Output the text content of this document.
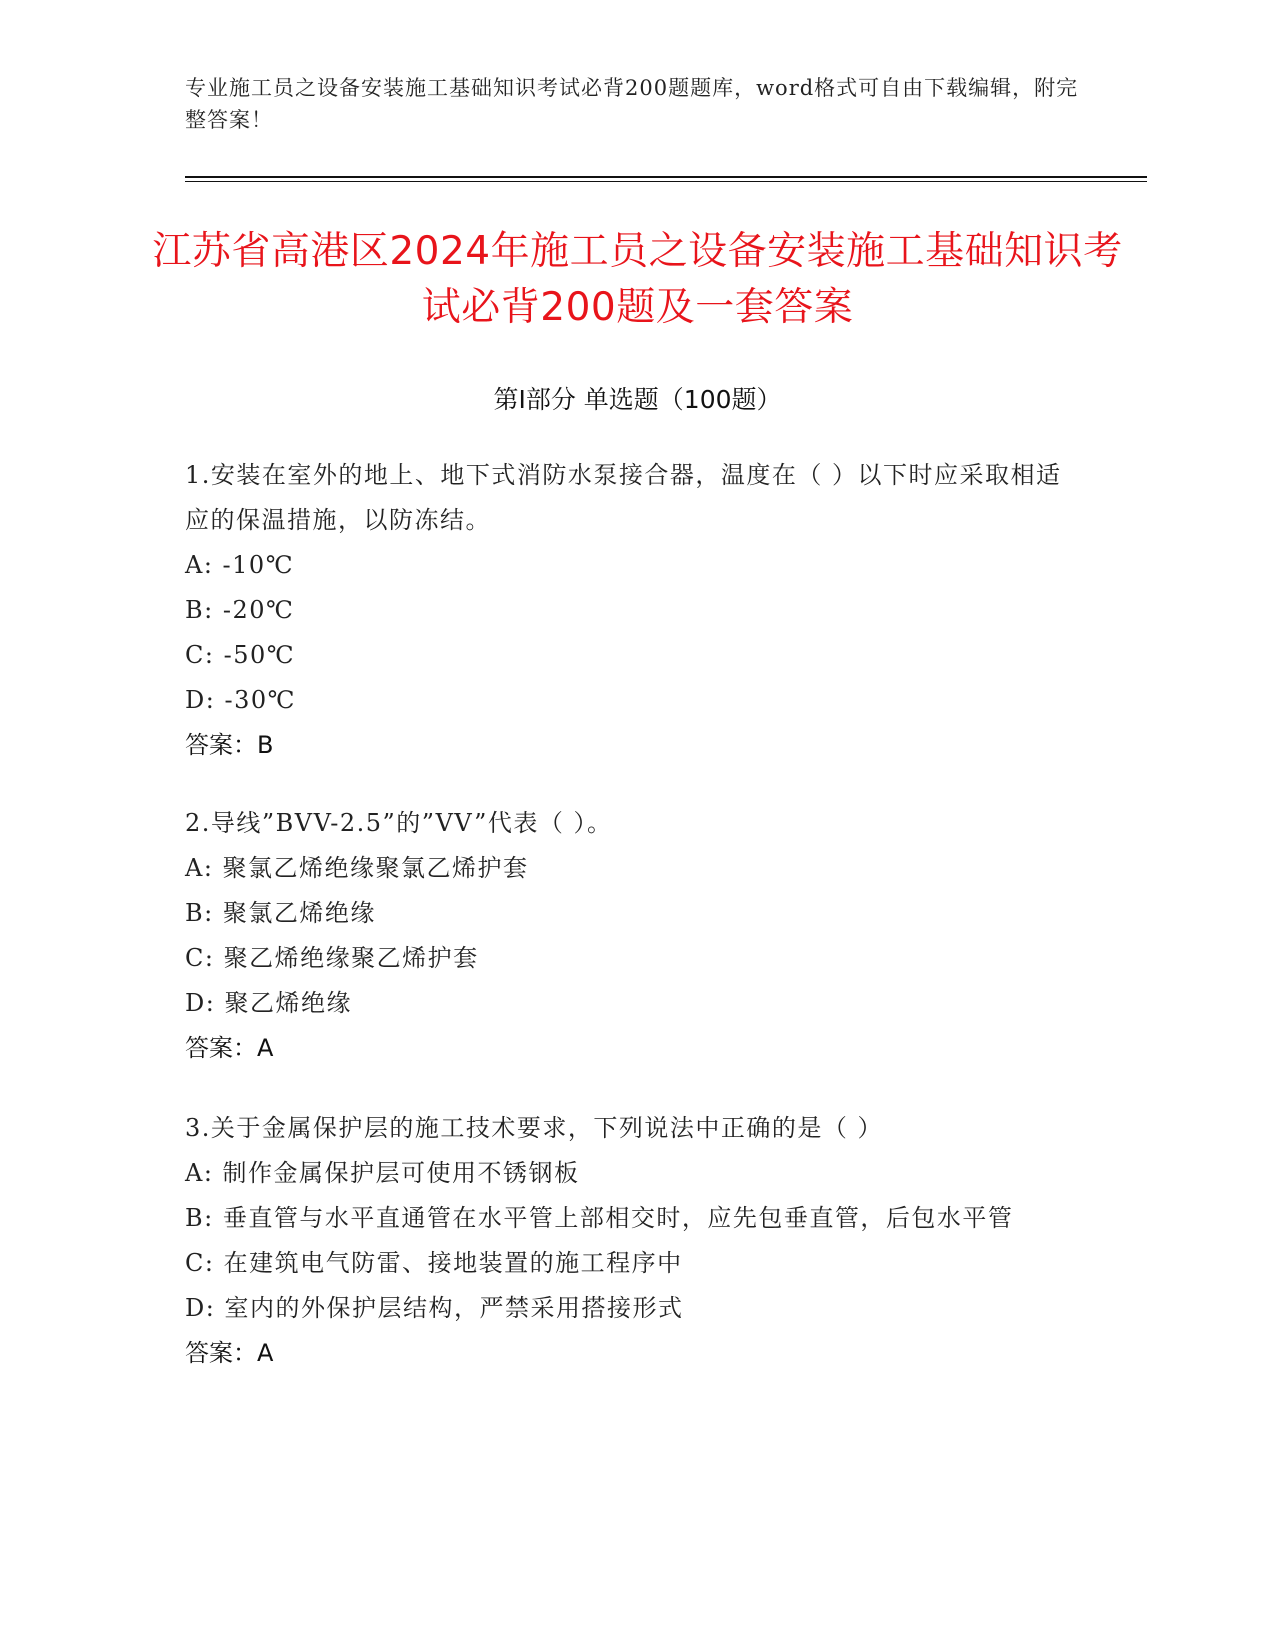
专业施工员之设备安装施工基础知识考试必背200题题库，word格式可自由下载编辑，附完整答案！
江苏省高港区2024年施工员之设备安装施工基础知识考试必背200题及一套答案
第Ⅰ部分 单选题（100题）

1.安装在室外的地上、地下式消防水泵接合器，温度在（ ）以下时应采取相适应的保温措施，以防冻结。

A: -10℃

B: -20℃

C: -50℃

D: -30℃

答案：B

2.导线”BVV-2.5”的”VV”代表（ ）。

A: 聚氯乙烯绝缘聚氯乙烯护套

B: 聚氯乙烯绝缘

C: 聚乙烯绝缘聚乙烯护套

D: 聚乙烯绝缘

答案：A

3.关于金属保护层的施工技术要求，下列说法中正确的是（ ）

A: 制作金属保护层可使用不锈钢板

B: 垂直管与水平直通管在水平管上部相交时，应先包垂直管，后包水平管

C: 在建筑电气防雷、接地装置的施工程序中

D: 室内的外保护层结构，严禁采用搭接形式

答案：A
